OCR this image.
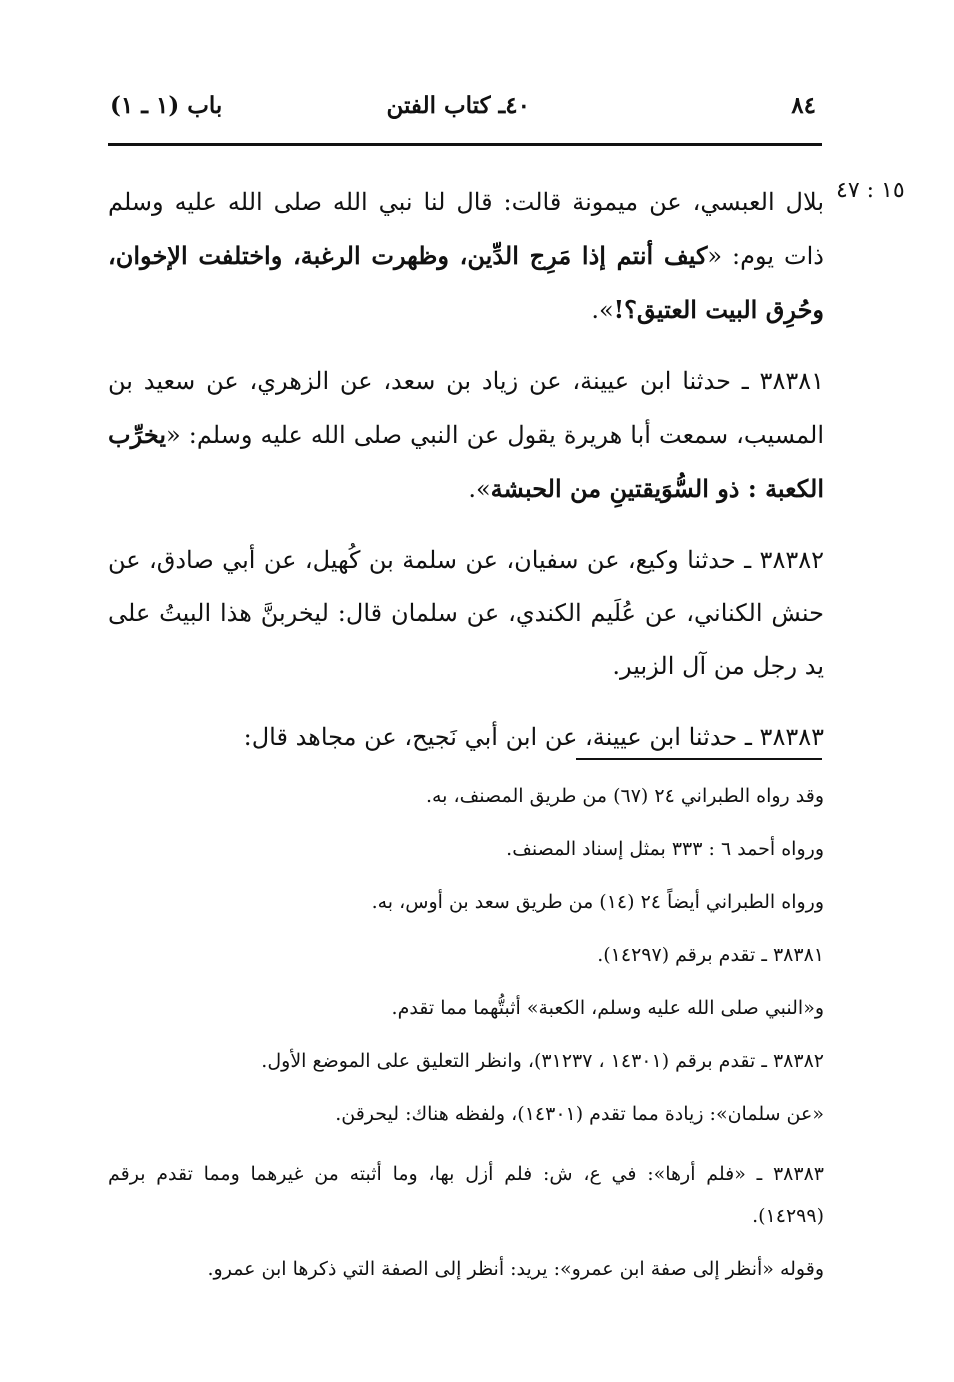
٨٤
٤٠ـ كتاب الفتن
باب (١ ـ ١)
١٥ : ٤٧

بلال العبسي، عن ميمونة قالت: قال لنا نبي الله صلى الله عليه وسلم ذات يوم: «كيف أنتم إذا مَرِج الدِّين، وظهرت الرغبة، واختلفت الإخوان، وحُرِق البيت العتيق؟!».

٣٨٣٨١ ـ حدثنا ابن عيينة، عن زياد بن سعد، عن الزهري، عن سعيد بن المسيب، سمعت أبا هريرة يقول عن النبي صلى الله عليه وسلم: «يخرِّب الكعبة : ذو السُّوَيقتينِ من الحبشة».

٣٨٣٨٢ ـ حدثنا وكيع، عن سفيان، عن سلمة بن كُهيل، عن أبي صادق، عن حنش الكناني، عن عُلَيم الكندي، عن سلمان قال: ليخربنَّ هذا البيتُ على يد رجل من آل الزبير.

٣٨٣٨٣ ـ حدثنا ابن عيينة، عن ابن أبي نَجيح، عن مجاهد قال:

وقد رواه الطبراني ٢٤ (٦٧) من طريق المصنف، به.

ورواه أحمد ٦ : ٣٣٣ بمثل إسناد المصنف.

ورواه الطبراني أيضاً ٢٤ (١٤) من طريق سعد بن أوس، به.

٣٨٣٨١ ـ تقدم برقم (١٤٢٩٧).

و«النبي صلى الله عليه وسلم، الكعبة» أثبتُّهما مما تقدم.

٣٨٣٨٢ ـ تقدم برقم (١٤٣٠١ ، ٣١٢٣٧)، وانظر التعليق على الموضع الأول.

«عن سلمان»: زيادة مما تقدم (١٤٣٠١)، ولفظه هناك: ليحرقن.

٣٨٣٨٣ ـ «فلم أرها»: في ع، ش: فلم أزل بها، وما أثبته من غيرهما ومما تقدم برقم (١٤٢٩٩).

وقوله «أنظر إلى صفة ابن عمرو»: يريد: أنظر إلى الصفة التي ذكرها ابن عمرو.
